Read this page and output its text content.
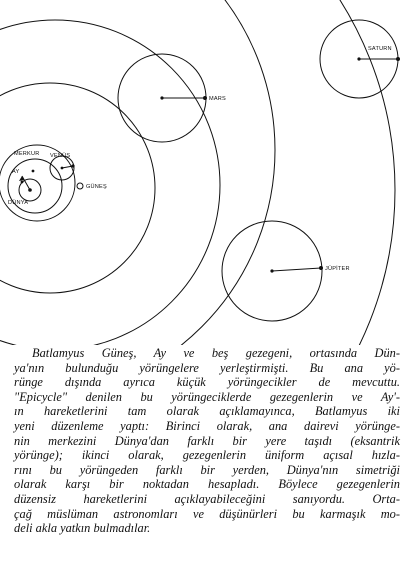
SATURN
MARS
MERKUR VENÜS
AY
GÜNEŞ
DÜNYA
JÜPİTER
Batlamyus Güneş, Ay ve beş gezegeni, ortasında Dün-
ya'nın bulunduğu yörüngelere yerleştirmişti. Bu ana yö-
rünge dışında ayrıca küçük yörüngecikler de mevcuttu.
"Epicycle" denilen bu yörüngeciklerde gezegenlerin ve Ay'-
ın hareketlerini tam olarak açıklamayınca, Batlamyus iki
yeni düzenleme yaptı: Birinci olarak, ana dairevi yörünge-
nin merkezini Dünya'dan farklı bir yere taşıdı (eksantrik
yörünge); ikinci olarak, gezegenlerin üniform açısal hızla-
rını bu yörüngeden farklı bir yerden, Dünya'nın simetriği
olarak karşı bir noktadan hesapladı. Böylece gezegenlerin
düzensiz hareketlerini açıklayabileceğini sanıyordu. Orta-
çağ müslüman astronomları ve düşünürleri bu karmaşık mo-
deli akla yatkın bulmadılar.
